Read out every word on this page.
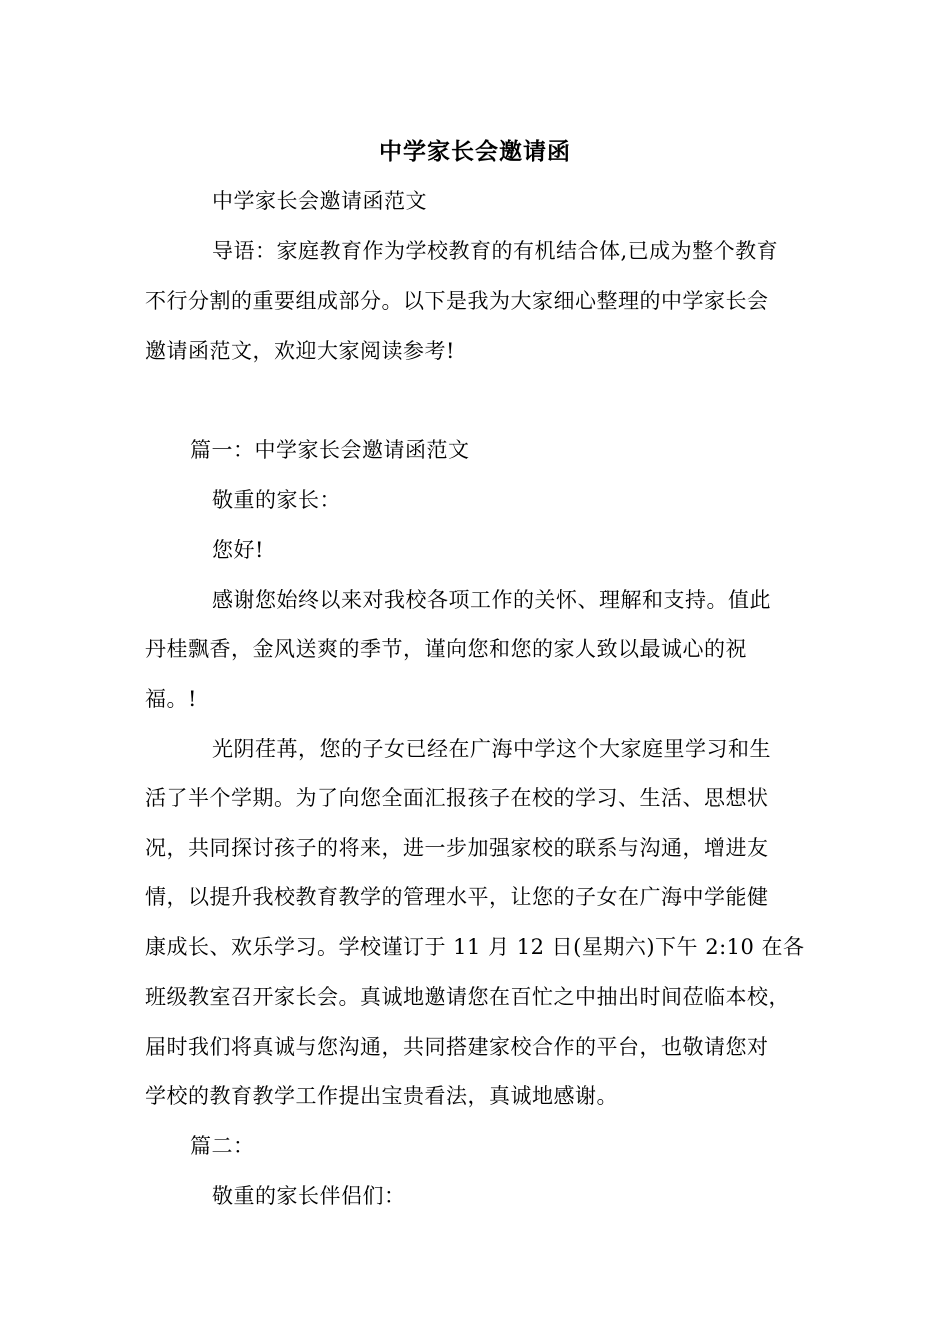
中学家长会邀请函
中学家长会邀请函范文
导语：家庭教育作为学校教育的有机结合体,已成为整个教育
不行分割的重要组成部分。以下是我为大家细心整理的中学家长会
邀请函范文，欢迎大家阅读参考!
篇一：中学家长会邀请函范文
敬重的家长：
您好!
感谢您始终以来对我校各项工作的关怀、理解和支持。值此
丹桂飘香，金风送爽的季节，谨向您和您的家人致以最诚心的祝
福。!
光阴荏苒，您的子女已经在广海中学这个大家庭里学习和生
活了半个学期。为了向您全面汇报孩子在校的学习、生活、思想状
况，共同探讨孩子的将来，进一步加强家校的联系与沟通，增进友
情，以提升我校教育教学的管理水平，让您的子女在广海中学能健
康成长、欢乐学习。学校谨订于 11 月 12 日(星期六)下午 2:10 在各
班级教室召开家长会。真诚地邀请您在百忙之中抽出时间莅临本校，
届时我们将真诚与您沟通，共同搭建家校合作的平台，也敬请您对
学校的教育教学工作提出宝贵看法，真诚地感谢。
篇二：
敬重的家长伴侣们：
